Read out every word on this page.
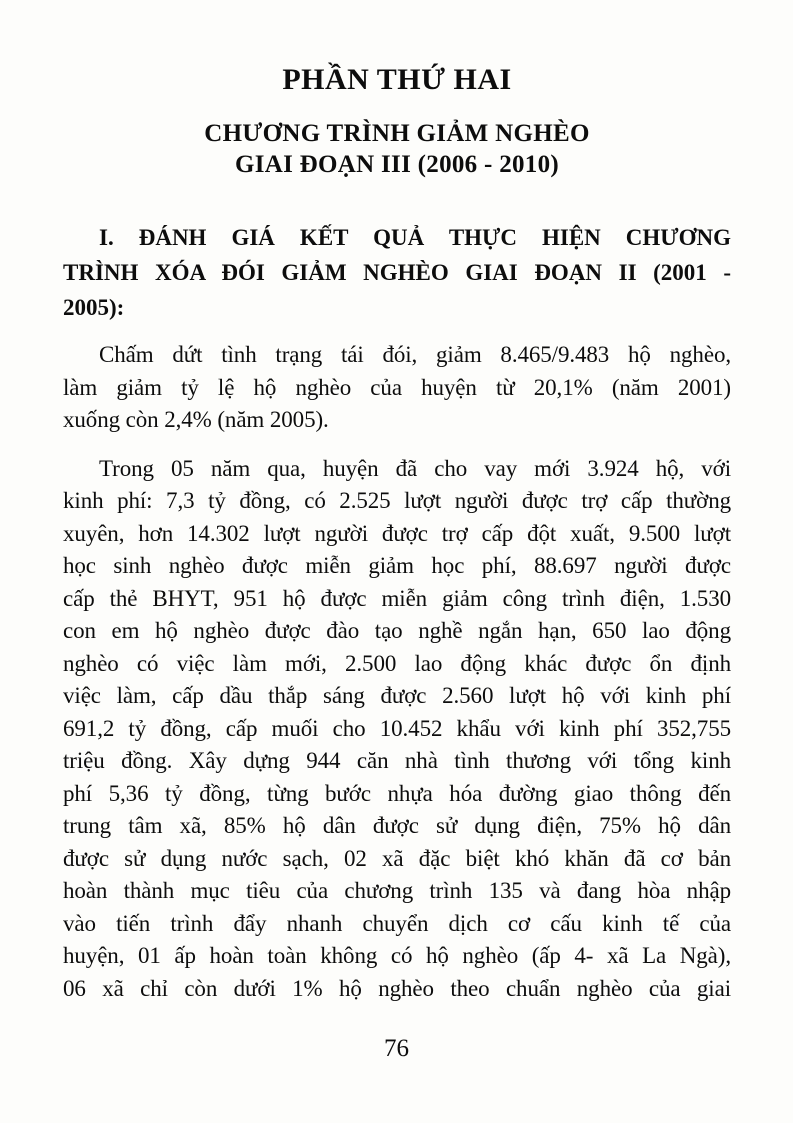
PHẦN THỨ HAI
CHƯƠNG TRÌNH GIẢM NGHÈO
GIAI ĐOẠN III (2006 - 2010)
I. ĐÁNH GIÁ KẾT QUẢ THỰC HIỆN CHƯƠNG
TRÌNH XÓA ĐÓI GIẢM NGHÈO GIAI ĐOẠN II (2001 -
2005):
Chấm dứt tình trạng tái đói, giảm 8.465/9.483 hộ nghèo,
làm giảm tỷ lệ hộ nghèo của huyện từ 20,1% (năm 2001)
xuống còn 2,4% (năm 2005).
Trong 05 năm qua, huyện đã cho vay mới 3.924 hộ, với
kinh phí: 7,3 tỷ đồng, có 2.525 lượt người được trợ cấp thường
xuyên, hơn 14.302 lượt người được trợ cấp đột xuất, 9.500 lượt
học sinh nghèo được miễn giảm học phí, 88.697 người được
cấp thẻ BHYT, 951 hộ được miễn giảm công trình điện, 1.530
con em hộ nghèo được đào tạo nghề ngắn hạn, 650 lao động
nghèo có việc làm mới, 2.500 lao động khác được ổn định
việc làm, cấp dầu thắp sáng được 2.560 lượt hộ với kinh phí
691,2 tỷ đồng, cấp muối cho 10.452 khẩu với kinh phí 352,755
triệu đồng. Xây dựng 944 căn nhà tình thương với tổng kinh
phí 5,36 tỷ đồng, từng bước nhựa hóa đường giao thông đến
trung tâm xã, 85% hộ dân được sử dụng điện, 75% hộ dân
được sử dụng nước sạch, 02 xã đặc biệt khó khăn đã cơ bản
hoàn thành mục tiêu của chương trình 135 và đang hòa nhập
vào tiến trình đẩy nhanh chuyển dịch cơ cấu kinh tế của
huyện, 01 ấp hoàn toàn không có hộ nghèo (ấp 4- xã La Ngà),
06 xã chỉ còn dưới 1% hộ nghèo theo chuẩn nghèo của giai
76
